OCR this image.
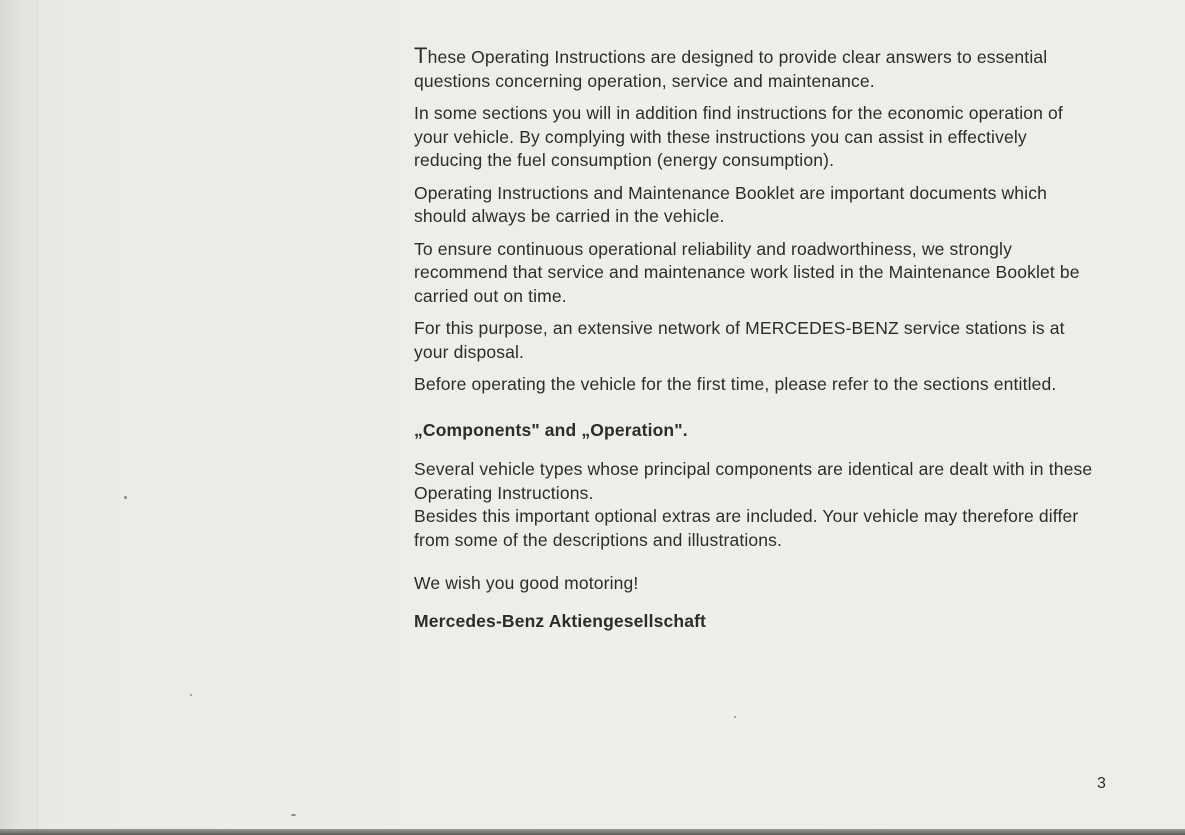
These Operating Instructions are designed to provide clear answers to essential questions concerning operation, service and maintenance.

In some sections you will in addition find instructions for the economic operation of your vehicle. By complying with these instructions you can assist in effectively reducing the fuel consumption (energy consumption).

Operating Instructions and Maintenance Booklet are important documents which should always be carried in the vehicle.

To ensure continuous operational reliability and roadworthiness, we strongly recommend that service and maintenance work listed in the Maintenance Booklet be carried out on time.

For this purpose, an extensive network of MERCEDES-BENZ service stations is at your disposal.

Before operating the vehicle for the first time, please refer to the sections entitled.

„Components" and „Operation".

Several vehicle types whose principal components are identical are dealt with in these Operating Instructions.
Besides this important optional extras are included. Your vehicle may therefore differ from some of the descriptions and illustrations.

We wish you good motoring!

Mercedes-Benz Aktiengesellschaft

3
